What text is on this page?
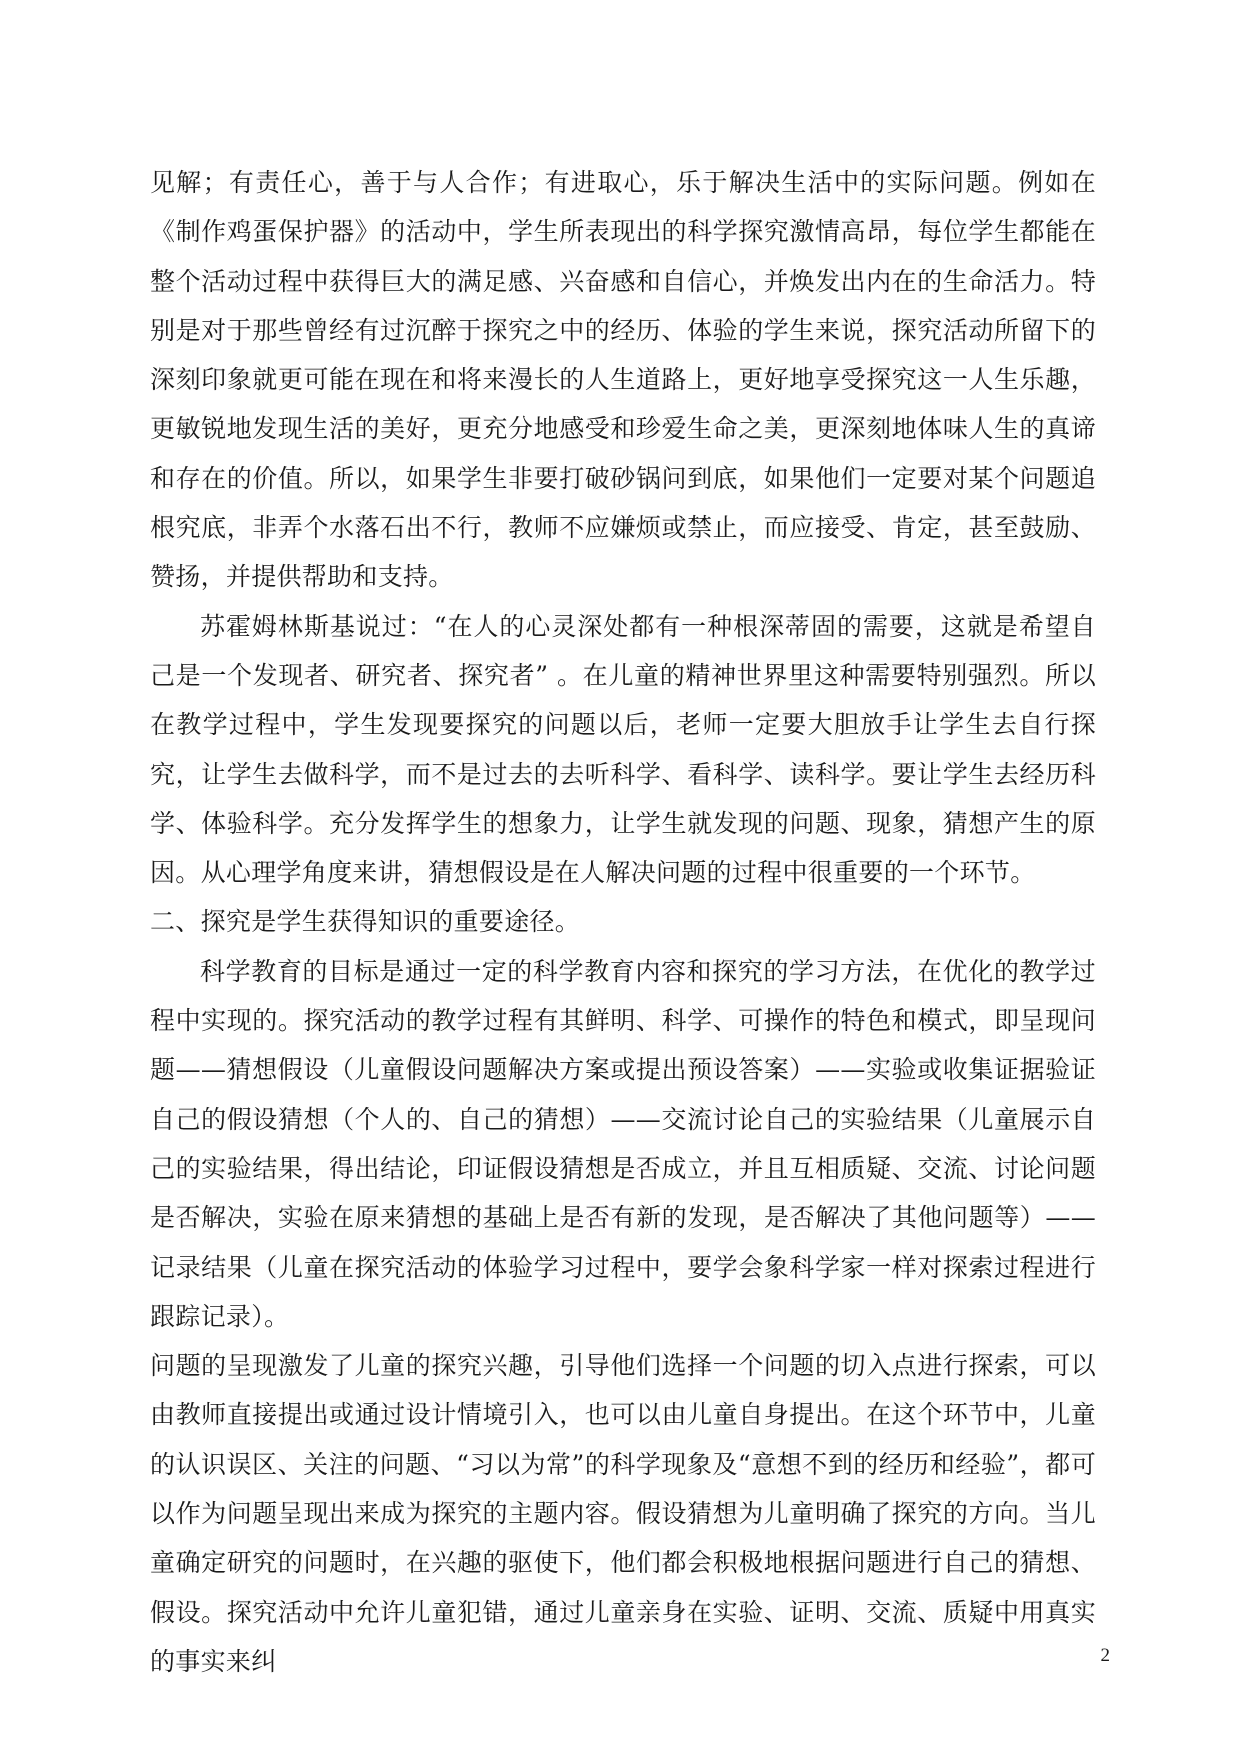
见解；有责任心，善于与人合作；有进取心，乐于解决生活中的实际问题。例如在《制作鸡蛋保护器》的活动中，学生所表现出的科学探究激情高昂，每位学生都能在整个活动过程中获得巨大的满足感、兴奋感和自信心，并焕发出内在的生命活力。特别是对于那些曾经有过沉醉于探究之中的经历、体验的学生来说，探究活动所留下的深刻印象就更可能在现在和将来漫长的人生道路上，更好地享受探究这一人生乐趣，更敏锐地发现生活的美好，更充分地感受和珍爱生命之美，更深刻地体味人生的真谛和存在的价值。所以，如果学生非要打破砂锅问到底，如果他们一定要对某个问题追根究底，非弄个水落石出不行，教师不应嫌烦或禁止，而应接受、肯定，甚至鼓励、赞扬，并提供帮助和支持。

苏霍姆林斯基说过：“在人的心灵深处都有一种根深蒂固的需要，这就是希望自己是一个发现者、研究者、探究者” 。在儿童的精神世界里这种需要特别强烈。所以在教学过程中，学生发现要探究的问题以后，老师一定要大胆放手让学生去自行探究，让学生去做科学，而不是过去的去听科学、看科学、读科学。要让学生去经历科学、体验科学。充分发挥学生的想象力，让学生就发现的问题、现象，猜想产生的原因。从心理学角度来讲，猜想假设是在人解决问题的过程中很重要的一个环节。

二、探究是学生获得知识的重要途径。

科学教育的目标是通过一定的科学教育内容和探究的学习方法，在优化的教学过程中实现的。探究活动的教学过程有其鲜明、科学、可操作的特色和模式，即呈现问题——猜想假设（儿童假设问题解决方案或提出预设答案）——实验或收集证据验证自己的假设猜想（个人的、自己的猜想）——交流讨论自己的实验结果（儿童展示自己的实验结果，得出结论，印证假设猜想是否成立，并且互相质疑、交流、讨论问题是否解决，实验在原来猜想的基础上是否有新的发现，是否解决了其他问题等）——记录结果（儿童在探究活动的体验学习过程中，要学会象科学家一样对探索过程进行跟踪记录）。

问题的呈现激发了儿童的探究兴趣，引导他们选择一个问题的切入点进行探索，可以由教师直接提出或通过设计情境引入，也可以由儿童自身提出。在这个环节中，儿童的认识误区、关注的问题、“习以为常”的科学现象及“意想不到的经历和经验”，都可以作为问题呈现出来成为探究的主题内容。假设猜想为儿童明确了探究的方向。当儿童确定研究的问题时，在兴趣的驱使下，他们都会积极地根据问题进行自己的猜想、假设。探究活动中允许儿童犯错，通过儿童亲身在实验、证明、交流、质疑中用真实的事实来纠	2
